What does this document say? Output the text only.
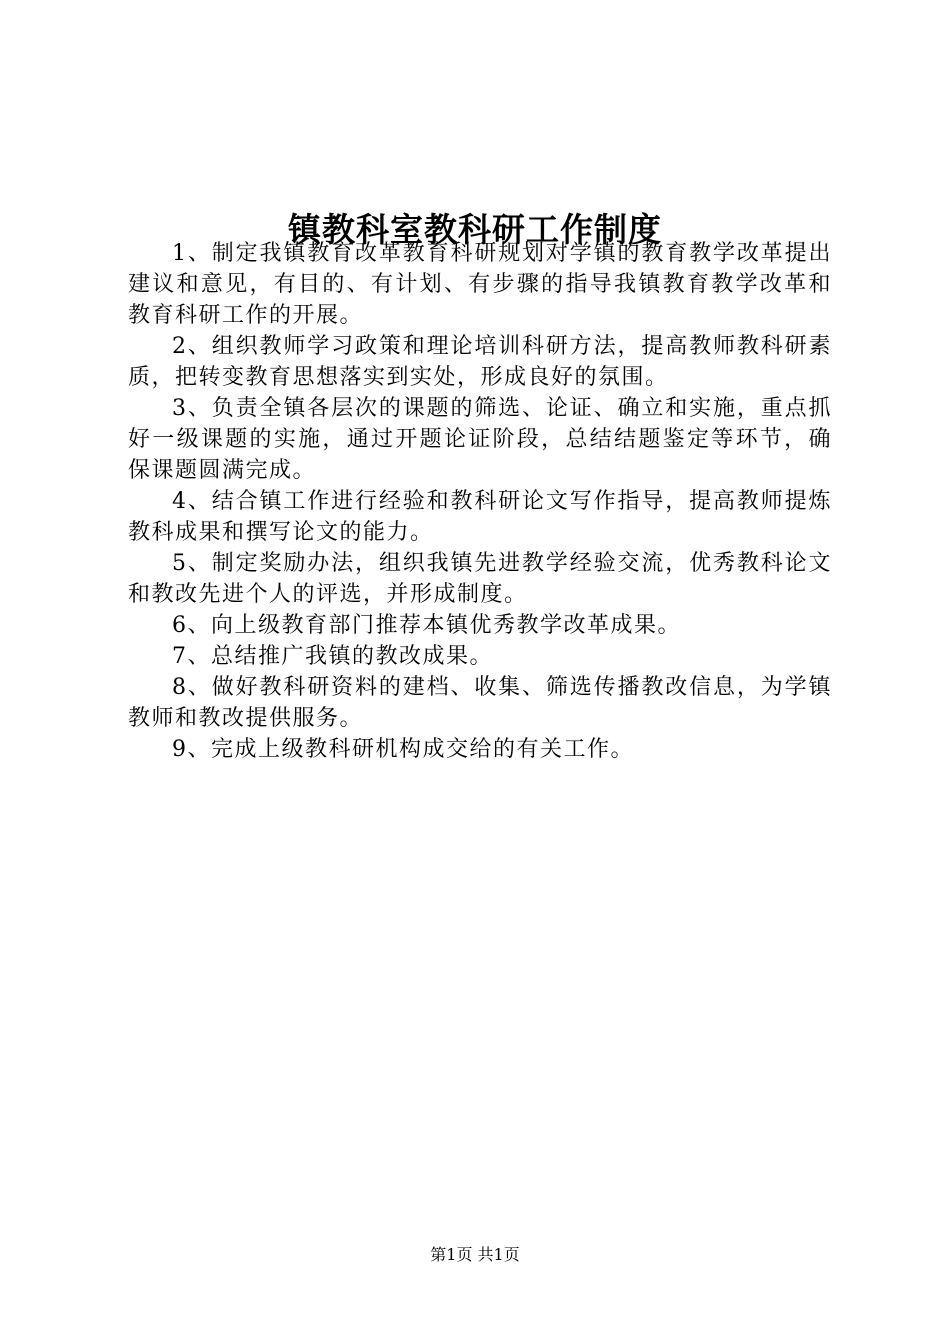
镇教科室教科研工作制度

1、制定我镇教育改革教育科研规划对学镇的教育教学改革提出建议和意见，有目的、有计划、有步骤的指导我镇教育教学改革和教育科研工作的开展。

2、组织教师学习政策和理论培训科研方法，提高教师教科研素质，把转变教育思想落实到实处，形成良好的氛围。

3、负责全镇各层次的课题的筛选、论证、确立和实施，重点抓好一级课题的实施，通过开题论证阶段，总结结题鉴定等环节，确保课题圆满完成。

4、结合镇工作进行经验和教科研论文写作指导，提高教师提炼教科成果和撰写论文的能力。

5、制定奖励办法，组织我镇先进教学经验交流，优秀教科论文和教改先进个人的评选，并形成制度。

6、向上级教育部门推荐本镇优秀教学改革成果。

7、总结推广我镇的教改成果。

8、做好教科研资料的建档、收集、筛选传播教改信息，为学镇教师和教改提供服务。

9、完成上级教科研机构成交给的有关工作。

第1页 共1页
